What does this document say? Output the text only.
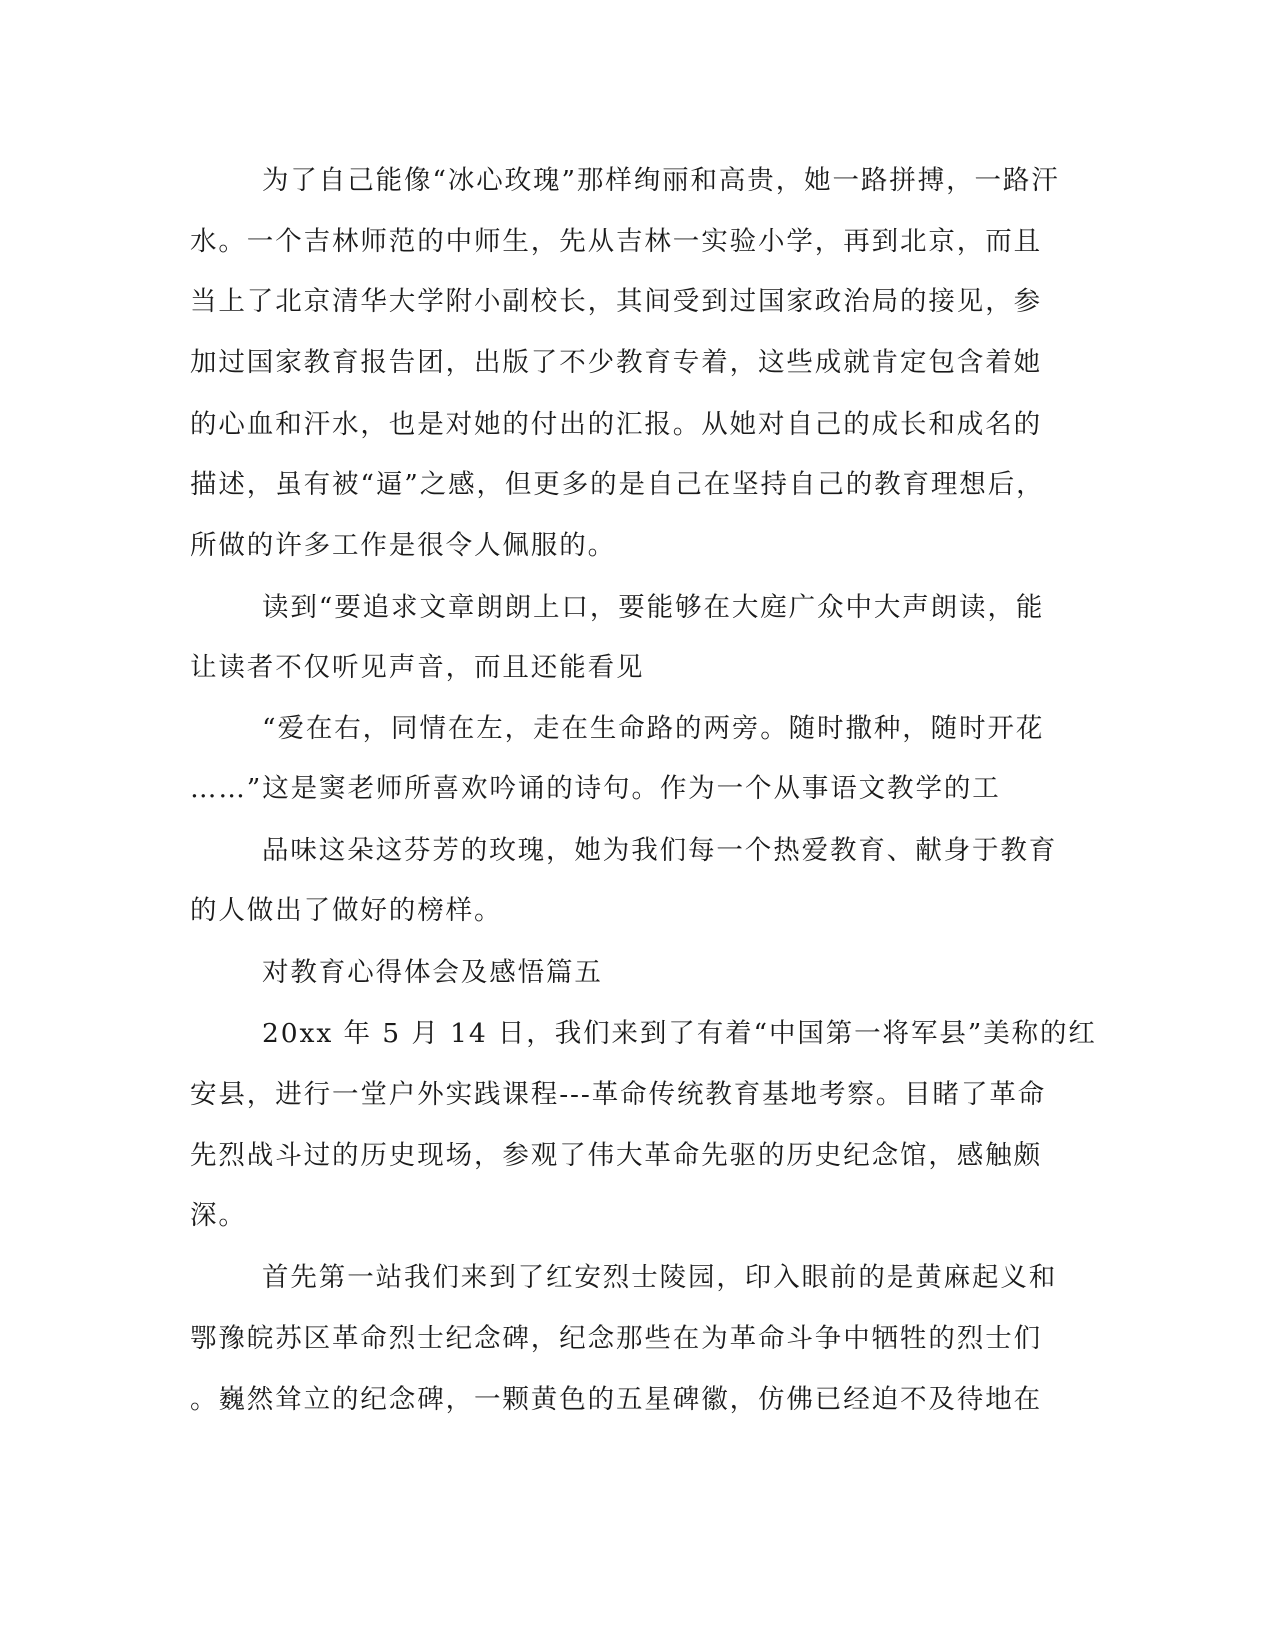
为了自己能像“冰心玫瑰”那样绚丽和高贵，她一路拼搏，一路汗
水。一个吉林师范的中师生，先从吉林一实验小学，再到北京，而且
当上了北京清华大学附小副校长，其间受到过国家政治局的接见，参
加过国家教育报告团，出版了不少教育专着，这些成就肯定包含着她
的心血和汗水，也是对她的付出的汇报。从她对自己的成长和成名的
描述，虽有被“逼”之感，但更多的是自己在坚持自己的教育理想后，
所做的许多工作是很令人佩服的。
读到“要追求文章朗朗上口，要能够在大庭广众中大声朗读，能
让读者不仅听见声音，而且还能看见
“爱在右，同情在左，走在生命路的两旁。随时撒种，随时开花
……”这是窦老师所喜欢吟诵的诗句。作为一个从事语文教学的工
品味这朵这芬芳的玫瑰，她为我们每一个热爱教育、献身于教育
的人做出了做好的榜样。
对教育心得体会及感悟篇五
20xx 年 5 月 14 日，我们来到了有着“中国第一将军县”美称的红
安县，进行一堂户外实践课程---革命传统教育基地考察。目睹了革命
先烈战斗过的历史现场，参观了伟大革命先驱的历史纪念馆，感触颇
深。
首先第一站我们来到了红安烈士陵园，印入眼前的是黄麻起义和
鄂豫皖苏区革命烈士纪念碑，纪念那些在为革命斗争中牺牲的烈士们
。巍然耸立的纪念碑，一颗黄色的五星碑徽，仿佛已经迫不及待地在
